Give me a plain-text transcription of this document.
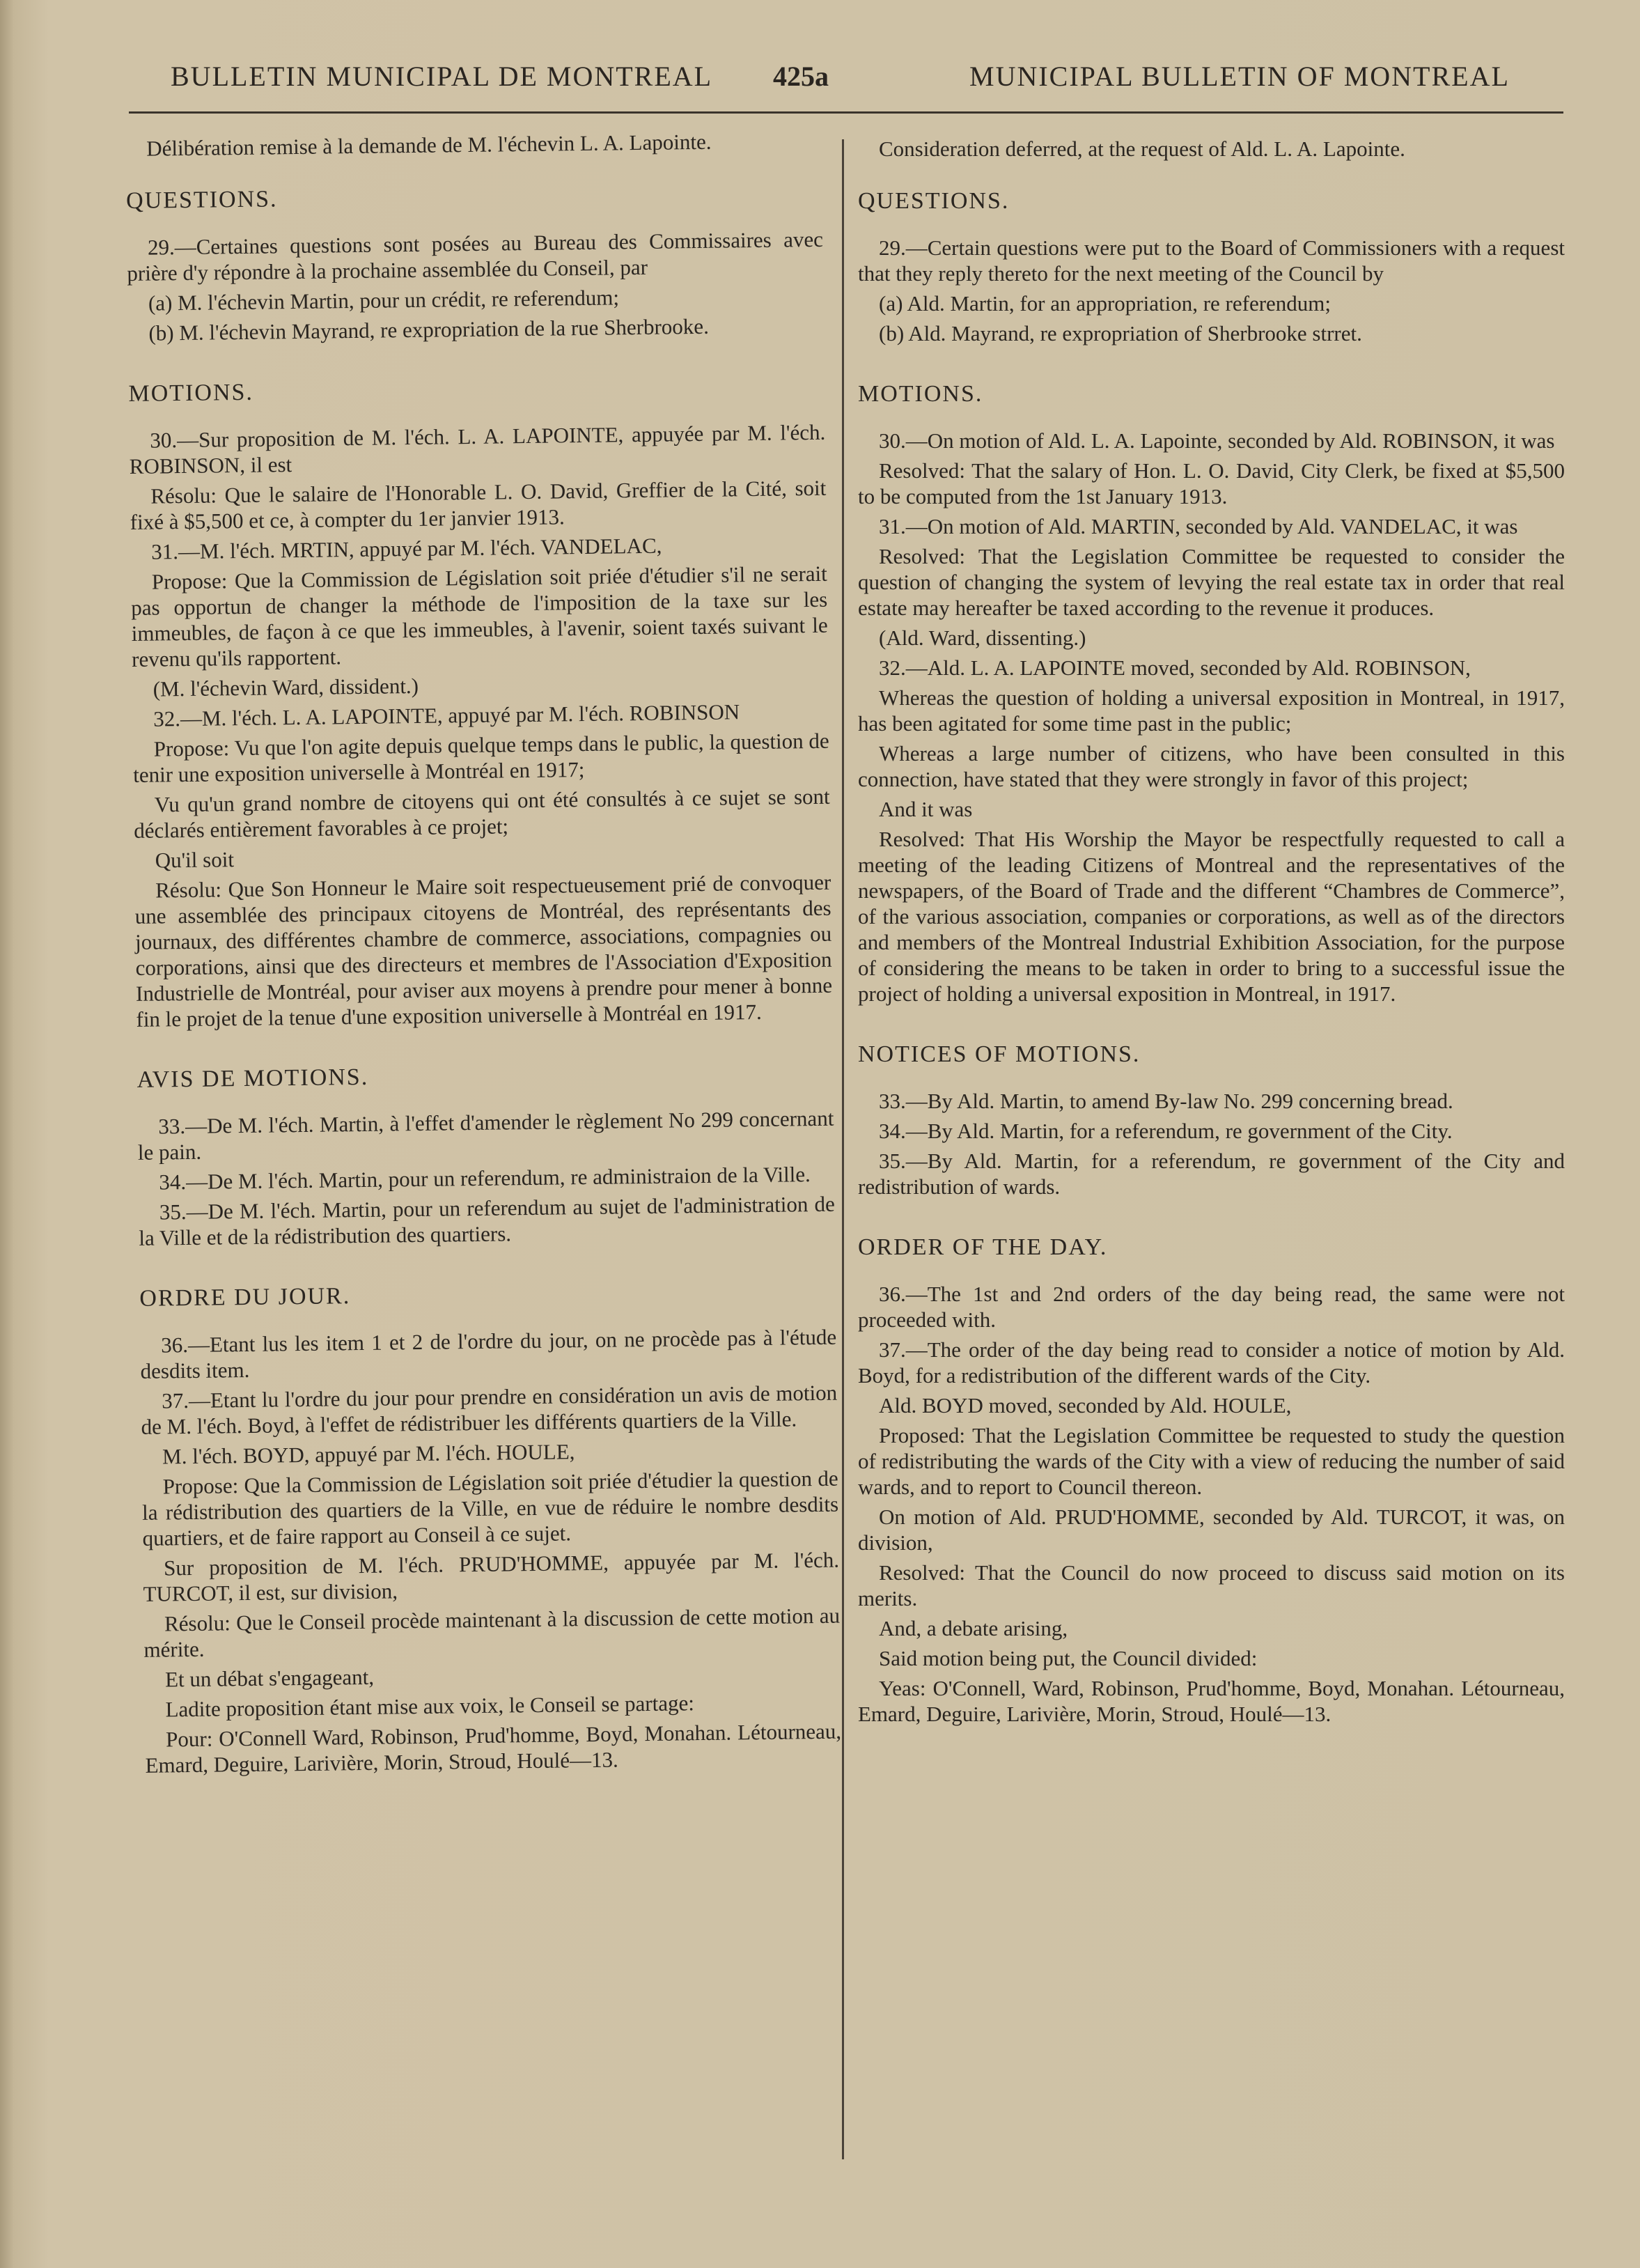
BULLETIN MUNICIPAL DE MONTREAL 425a	MUNICIPAL BULLETIN OF MONTREAL

Délibération remise à la demande de M. l'échevin L. A. Lapointe.

QUESTIONS.

29.—Certaines questions sont posées au Bureau des Commissaires avec prière d'y répondre à la prochaine assemblée du Conseil, par

(a) M. l'échevin Martin, pour un crédit, re referendum;

(b) M. l'échevin Mayrand, re expropriation de la rue Sherbrooke.

MOTIONS.

30.—Sur proposition de M. l'éch. L. A. LAPOINTE, appuyée par M. l'éch. ROBINSON, il est

Résolu: Que le salaire de l'Honorable L. O. David, Greffier de la Cité, soit fixé à $5,500 et ce, à compter du 1er janvier 1913.

31.—M. l'éch. MRTIN, appuyé par M. l'éch. VANDELAC,

Propose: Que la Commission de Législation soit priée d'étudier s'il ne serait pas opportun de changer la méthode de l'imposition de la taxe sur les immeubles, de façon à ce que les immeubles, à l'avenir, soient taxés suivant le revenu qu'ils rapportent.

(M. l'échevin Ward, dissident.)

32.—M. l'éch. L. A. LAPOINTE, appuyé par M. l'éch. ROBINSON

Propose: Vu que l'on agite depuis quelque temps dans le public, la question de tenir une exposition universelle à Montréal en 1917;

Vu qu'un grand nombre de citoyens qui ont été consultés à ce sujet se sont déclarés entièrement favorables à ce projet;

Qu'il soit

Résolu: Que Son Honneur le Maire soit respectueusement prié de convoquer une assemblée des principaux citoyens de Montréal, des représentants des journaux, des différentes chambre de commerce, associations, compagnies ou corporations, ainsi que des directeurs et membres de l'Association d'Exposition Industrielle de Montréal, pour aviser aux moyens à prendre pour mener à bonne fin le projet de la tenue d'une exposition universelle à Montréal en 1917.

AVIS DE MOTIONS.

33.—De M. l'éch. Martin, à l'effet d'amender le règlement No 299 concernant le pain.

34.—De M. l'éch. Martin, pour un referendum, re administraion de la Ville.

35.—De M. l'éch. Martin, pour un referendum au sujet de l'administration de la Ville et de la rédistribution des quartiers.

ORDRE DU JOUR.

36.—Etant lus les item 1 et 2 de l'ordre du jour, on ne procède pas à l'étude desdits item.

37.—Etant lu l'ordre du jour pour prendre en considération un avis de motion de M. l'éch. Boyd, à l'effet de rédistribuer les différents quartiers de la Ville.

M. l'éch. BOYD, appuyé par M. l'éch. HOULE,

Propose: Que la Commission de Législation soit priée d'étudier la question de la rédistribution des quartiers de la Ville, en vue de réduire le nombre desdits quartiers, et de faire rapport au Conseil à ce sujet.

Sur proposition de M. l'éch. PRUD'HOMME, appuyée par M. l'éch. TURCOT, il est, sur division,

Résolu: Que le Conseil procède maintenant à la discussion de cette motion au mérite.

Et un débat s'engageant,

Ladite proposition étant mise aux voix, le Conseil se partage:

Pour: O'Connell Ward, Robinson, Prud'homme, Boyd, Monahan. Létourneau, Emard, Deguire, Larivière, Morin, Stroud, Houlé—13.

Consideration deferred, at the request of Ald. L. A. Lapointe.

QUESTIONS.

29.—Certain questions were put to the Board of Commissioners with a request that they reply thereto for the next meeting of the Council by

(a) Ald. Martin, for an appropriation, re referendum;

(b) Ald. Mayrand, re expropriation of Sherbrooke strret.

MOTIONS.

30.—On motion of Ald. L. A. Lapointe, seconded by Ald. ROBINSON, it was

Resolved: That the salary of Hon. L. O. David, City Clerk, be fixed at $5,500 to be computed from the 1st January 1913.

31.—On motion of Ald. MARTIN, seconded by Ald. VANDELAC, it was

Resolved: That the Legislation Committee be requested to consider the question of changing the system of levying the real estate tax in order that real estate may hereafter be taxed according to the revenue it produces.

(Ald. Ward, dissenting.)

32.—Ald. L. A. LAPOINTE moved, seconded by Ald. ROBINSON,

Whereas the question of holding a universal exposition in Montreal, in 1917, has been agitated for some time past in the public;

Whereas a large number of citizens, who have been consulted in this connection, have stated that they were strongly in favor of this project;

And it was

Resolved: That His Worship the Mayor be respectfully requested to call a meeting of the leading Citizens of Montreal and the representatives of the newspapers, of the Board of Trade and the different “Chambres de Commerce”, of the various association, companies or corporations, as well as of the directors and members of the Montreal Industrial Exhibition Association, for the purpose of considering the means to be taken in order to bring to a successful issue the project of holding a universal exposition in Montreal, in 1917.

NOTICES OF MOTIONS.

33.—By Ald. Martin, to amend By-law No. 299 concerning bread.

34.—By Ald. Martin, for a referendum, re government of the City.

35.—By Ald. Martin, for a referendum, re government of the City and redistribution of wards.

ORDER OF THE DAY.

36.—The 1st and 2nd orders of the day being read, the same were not proceeded with.

37.—The order of the day being read to consider a notice of motion by Ald. Boyd, for a redistribution of the different wards of the City.

Ald. BOYD moved, seconded by Ald. HOULE,

Proposed: That the Legislation Committee be requested to study the question of redistributing the wards of the City with a view of reducing the number of said wards, and to report to Council thereon.

On motion of Ald. PRUD'HOMME, seconded by Ald. TURCOT, it was, on division,

Resolved: That the Council do now proceed to discuss said motion on its merits.

And, a debate arising,

Said motion being put, the Council divided:

Yeas: O'Connell, Ward, Robinson, Prud'homme, Boyd, Monahan. Létourneau, Emard, Deguire, Larivière, Morin, Stroud, Houlé—13.
